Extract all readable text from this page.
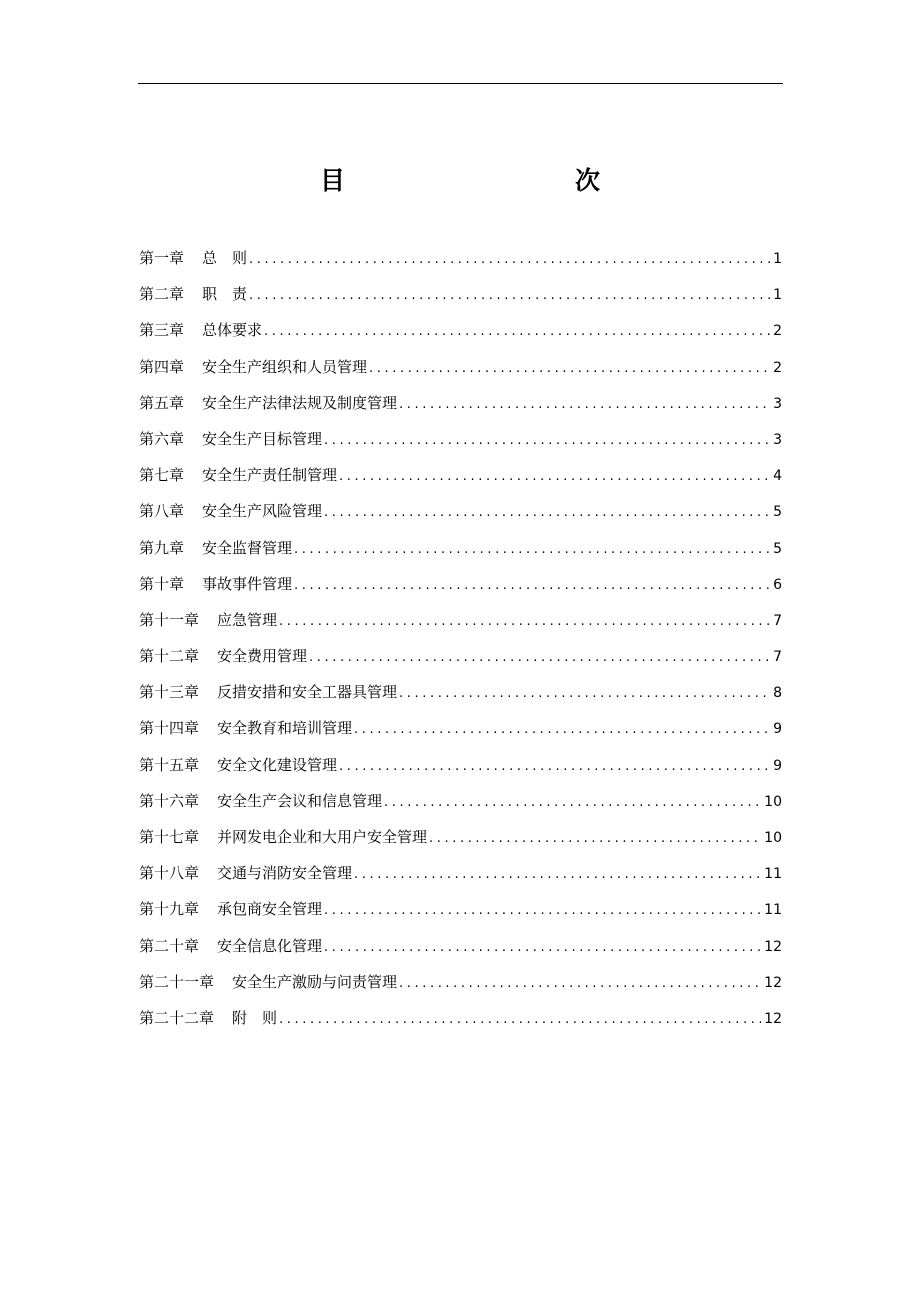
目　　次
第一章 总　则 .....	1
第二章 职　责 .....	1
第三章 总体要求 .....	2
第四章 安全生产组织和人员管理 .....	2
第五章 安全生产法律法规及制度管理 .....	3
第六章 安全生产目标管理 .....	3
第七章 安全生产责任制管理 .....	4
第八章 安全生产风险管理 .....	5
第九章 安全监督管理 .....	5
第十章 事故事件管理 .....	6
第十一章 应急管理 .....	7
第十二章 安全费用管理 .....	7
第十三章 反措安措和安全工器具管理 .....	8
第十四章 安全教育和培训管理 .....	9
第十五章 安全文化建设管理 .....	9
第十六章 安全生产会议和信息管理 .....	10
第十七章 并网发电企业和大用户安全管理 .....	10
第十八章 交通与消防安全管理 .....	11
第十九章 承包商安全管理 .....	11
第二十章 安全信息化管理 .....	12
第二十一章 安全生产激励与问责管理 .....	12
第二十二章 附　则 .....	12
